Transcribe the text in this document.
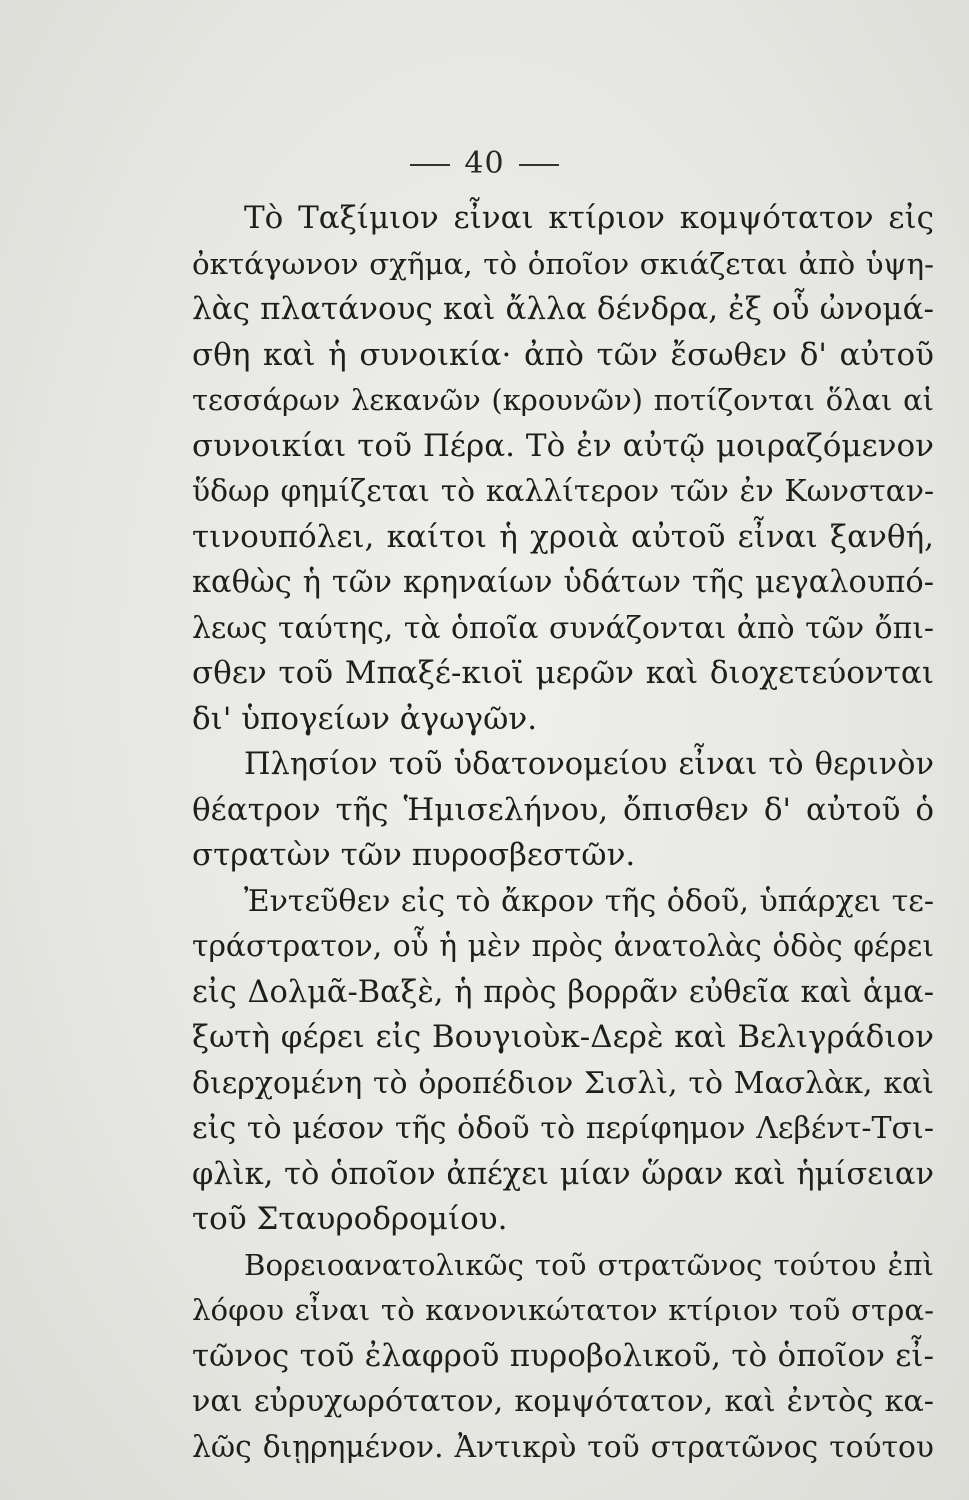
40
Τὸ Ταξίμιον εἶναι κτίριον κομψότατον εἰς
ὀκτάγωνον σχῆμα, τὸ ὁποῖον σκιάζεται ἀπὸ ὑψη-
λὰς πλατάνους καὶ ἄλλα δένδρα, ἐξ οὗ ὠνομά-
σθη καὶ ἡ συνοικία· ἀπὸ τῶν ἔσωθεν δ' αὐτοῦ
τεσσάρων λεκανῶν (κρουνῶν) ποτίζονται ὅλαι αἱ
συνοικίαι τοῦ Πέρα. Τὸ ἐν αὐτῷ μοιραζόμενον
ὕδωρ φημίζεται τὸ καλλίτερον τῶν ἐν Κωνσταν-
τινουπόλει, καίτοι ἡ χροιὰ αὐτοῦ εἶναι ξανθή,
καθὼς ἡ τῶν κρηναίων ὑδάτων τῆς μεγαλουπό-
λεως ταύτης, τὰ ὁποῖα συνάζονται ἀπὸ τῶν ὄπι-
σθεν τοῦ Μπαξέ-κιοϊ μερῶν καὶ διοχετεύονται
δι' ὑπογείων ἀγωγῶν.
Πλησίον τοῦ ὑδατονομείου εἶναι τὸ θερινὸν
θέατρον τῆς Ἡμισελήνου, ὄπισθεν δ' αὐτοῦ ὁ
στρατὼν τῶν πυροσβεστῶν.
Ἐντεῦθεν εἰς τὸ ἄκρον τῆς ὁδοῦ, ὑπάρχει τε-
τράστρατον, οὗ ἡ μὲν πρὸς ἀνατολὰς ὁδὸς φέρει
εἰς Δολμᾶ-Βαξὲ, ἡ πρὸς βορρᾶν εὐθεῖα καὶ ἁμα-
ξωτὴ φέρει εἰς Βουγιοὺκ-Δερὲ καὶ Βελιγράδιον
διερχομένη τὸ ὀροπέδιον Σισλὶ, τὸ Μασλὰκ, καὶ
εἰς τὸ μέσον τῆς ὁδοῦ τὸ περίφημον Λεβέντ-Τσι-
φλὶκ, τὸ ὁποῖον ἀπέχει μίαν ὥραν καὶ ἡμίσειαν
τοῦ Σταυροδρομίου.
Βορειοανατολικῶς τοῦ στρατῶνος τούτου ἐπὶ
λόφου εἶναι τὸ κανονικώτατον κτίριον τοῦ στρα-
τῶνος τοῦ ἐλαφροῦ πυροβολικοῦ, τὸ ὁποῖον εἶ-
ναι εὐρυχωρότατον, κομψότατον, καὶ ἐντὸς κα-
λῶς διῃρημένον. Ἀντικρὺ τοῦ στρατῶνος τούτου
